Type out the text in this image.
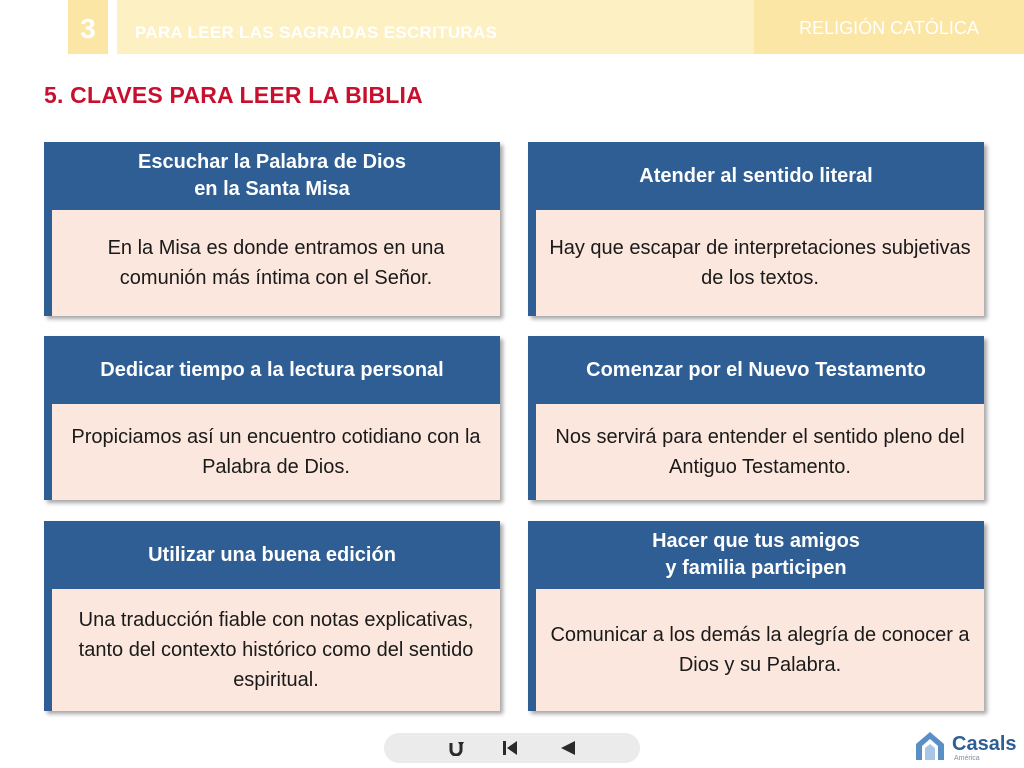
3	PARA LEER LAS SAGRADAS ESCRITURAS	RELIGIÓN CATÓLICA
5. CLAVES PARA LEER LA BIBLIA
Escuchar la Palabra de Dios
en la Santa Misa
En la Misa es donde entramos en una comunión más íntima con el Señor.
Atender al sentido literal
Hay que escapar de interpretaciones subjetivas de los textos.
Dedicar tiempo a la lectura personal
Propiciamos así un encuentro cotidiano con la Palabra de Dios.
Comenzar por el Nuevo Testamento
Nos servirá para entender el sentido pleno del Antiguo Testamento.
Utilizar una buena edición
Una traducción fiable con notas explicativas, tanto del contexto histórico como del sentido espiritual.
Hacer que tus amigos
y familia participen
Comunicar a los demás la alegría de conocer a Dios y su Palabra.
Casals
América
